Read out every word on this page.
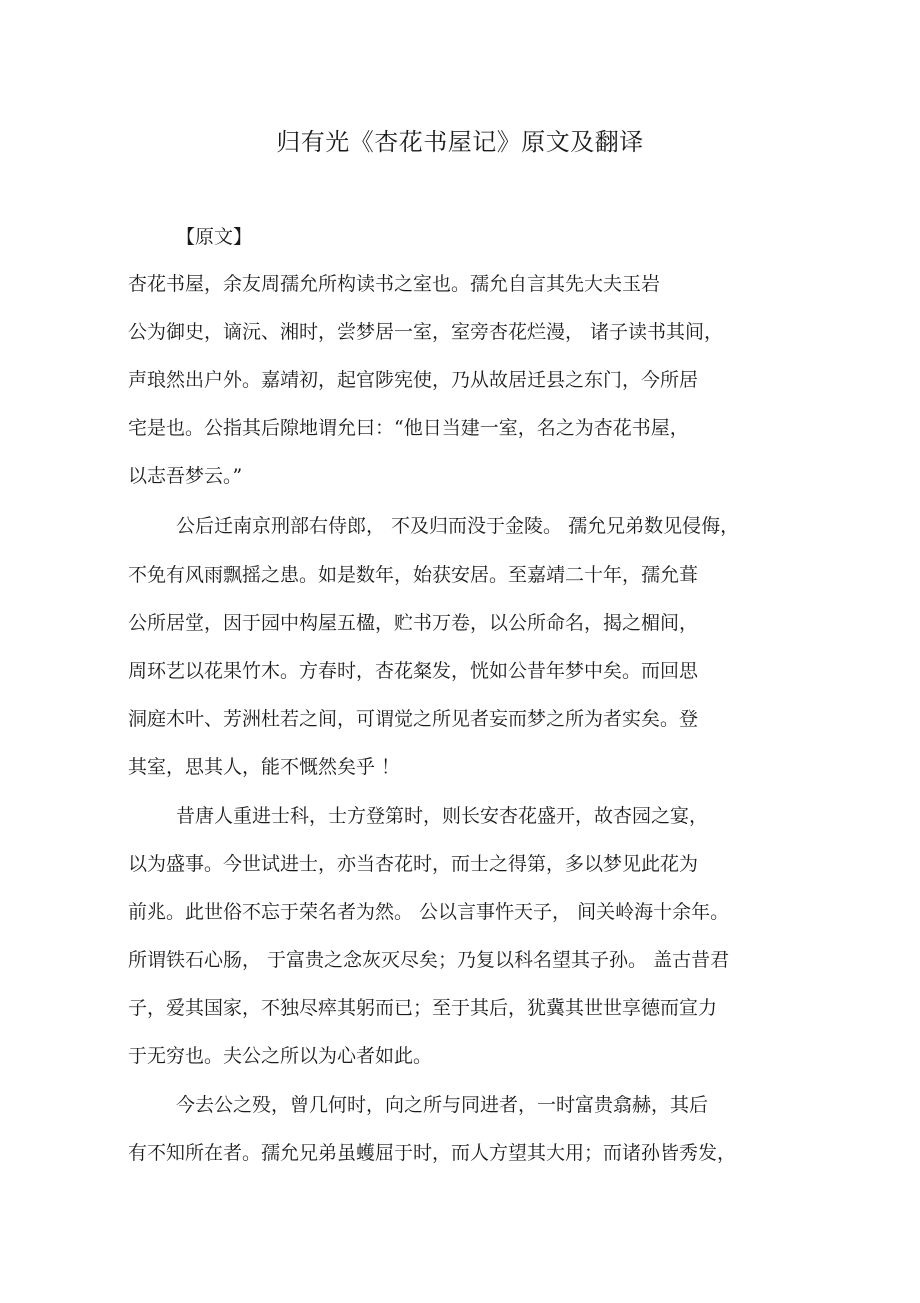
归有光《杏花书屋记》原文及翻译

【原文】

杏花书屋，余友周孺允所构读书之室也。孺允自言其先大夫玉岩

公为御史，谪沅、湘时，尝梦居一室，室旁杏花烂漫， 诸子读书其间，

声琅然出户外。嘉靖初，起官陟宪使，乃从故居迁县之东门，今所居

宅是也。公指其后隙地谓允曰：“他日当建一室，名之为杏花书屋，

以志吾梦云。”

公后迁南京刑部右侍郎， 不及归而没于金陵。 孺允兄弟数见侵侮，

不免有风雨飘摇之患。如是数年，始获安居。至嘉靖二十年，孺允葺

公所居堂，因于园中构屋五楹，贮书万卷，以公所命名，揭之楣间，

周环艺以花果竹木。方春时，杏花粲发，恍如公昔年梦中矣。而回思

洞庭木叶、芳洲杜若之间，可谓觉之所见者妄而梦之所为者实矣。登

其室，思其人，能不慨然矣乎 ！

昔唐人重进士科，士方登第时，则长安杏花盛开，故杏园之宴，

以为盛事。今世试进士，亦当杏花时，而士之得第，多以梦见此花为

前兆。此世俗不忘于荣名者为然。 公以言事忤天子， 间关岭海十余年。

所谓铁石心肠， 于富贵之念灰灭尽矣；乃复以科名望其子孙。 盖古昔君

子，爱其国家，不独尽瘁其躬而已；至于其后，犹冀其世世享德而宣力

于无穷也。夫公之所以为心者如此。

今去公之殁，曾几何时，向之所与同进者，一时富贵翕赫，其后

有不知所在者。孺允兄弟虽蠖屈于时，而人方望其大用；而诸孙皆秀发，
